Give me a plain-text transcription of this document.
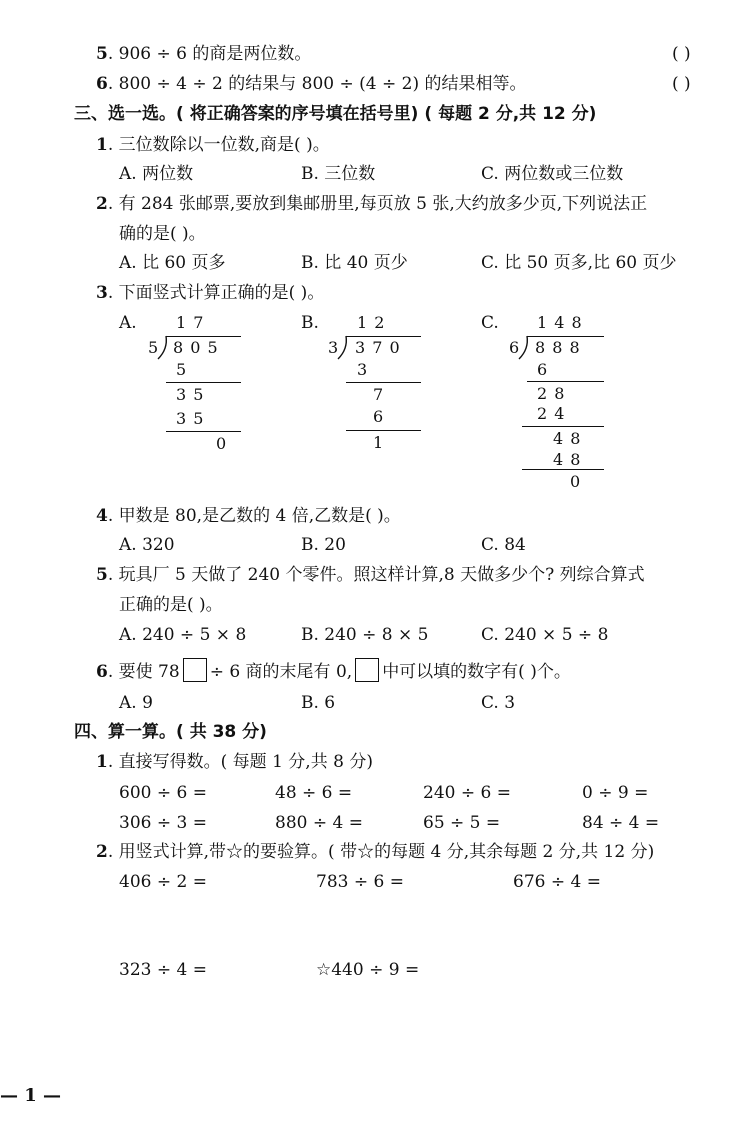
5. 906 ÷ 6 的商是两位数。	( )
6. 800 ÷ 4 ÷ 2 的结果与 800 ÷ (4 ÷ 2) 的结果相等。	( )
三、选一选。( 将正确答案的序号填在括号里) ( 每题 2 分,共 12 分)
1. 三位数除以一位数,商是( )。
A. 两位数	B. 三位数	C. 两位数或三位数
2. 有 284 张邮票,要放到集邮册里,每页放 5 张,大约放多少页,下列说法正
确的是( )。
A. 比 60 页多	B. 比 40 页少	C. 比 50 页多,比 60 页少
3. 下面竖式计算正确的是( )。
A. 1 7
5 8 0 5
5
3 5
3 5
0
B. 1 2
3 3 7 0
3
7
6
1
C. 1 4 8
6 8 8 8
6
2 8
2 4
4 8
4 8
0
4. 甲数是 80,是乙数的 4 倍,乙数是( )。
A. 320	B. 20	C. 84
5. 玩具厂 5 天做了 240 个零件。照这样计算,8 天做多少个? 列综合算式
正确的是( )。
A. 240 ÷ 5 × 8	B. 240 ÷ 8 × 5	C. 240 × 5 ÷ 8
6. 要使 78 ÷ 6 商的末尾有 0, 中可以填的数字有( )个。
A. 9	B. 6	C. 3
四、算一算。( 共 38 分)
1. 直接写得数。( 每题 1 分,共 8 分)
600 ÷ 6 =	48 ÷ 6 =	240 ÷ 6 =	0 ÷ 9 =
306 ÷ 3 =	880 ÷ 4 =	65 ÷ 5 =	84 ÷ 4 =
2. 用竖式计算,带☆的要验算。( 带☆的每题 4 分,其余每题 2 分,共 12 分)
406 ÷ 2 =	783 ÷ 6 =	676 ÷ 4 =
323 ÷ 4 =	☆440 ÷ 9 =
— 1 —
